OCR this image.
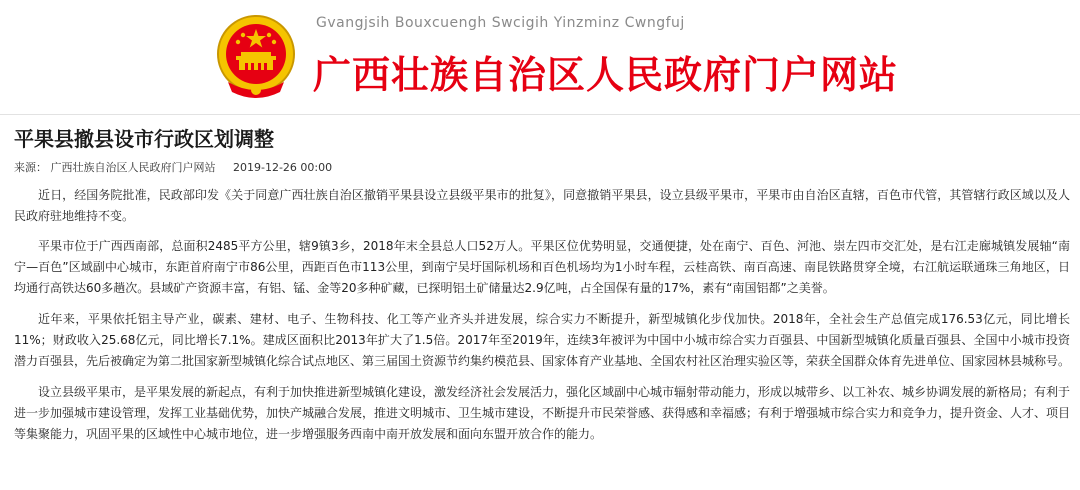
Gvangjsih Bouxcuengh Swcigih Yinzminz Cwngfuj
广西壮族自治区人民政府门户网站
平果县撤县设市行政区划调整
来源： 广西壮族自治区人民政府门户网站 2019-12-26 00:00

近日，经国务院批准，民政部印发《关于同意广西壮族自治区撤销平果县设立县级平果市的批复》，同意撤销平果县，设立县级平果市，平果市由自治区直辖，百色市代管，其管辖行政区域以及人民政府驻地维持不变。

平果市位于广西西南部，总面积2485平方公里，辖9镇3乡，2018年末全县总人口52万人。平果区位优势明显，交通便捷，处在南宁、百色、河池、崇左四市交汇处，是右江走廊城镇发展轴“南宁—百色”区域副中心城市，东距首府南宁市86公里，西距百色市113公里，到南宁吴圩国际机场和百色机场均为1小时车程，云桂高铁、南百高速、南昆铁路贯穿全境，右江航运联通珠三角地区，日均通行高铁达60多趟次。县域矿产资源丰富，有铝、锰、金等20多种矿藏，已探明铝土矿储量达2.9亿吨，占全国保有量的17%，素有“南国铝都”之美誉。

近年来，平果依托铝主导产业，碳素、建材、电子、生物科技、化工等产业齐头并进发展，综合实力不断提升，新型城镇化步伐加快。2018年，全社会生产总值完成176.53亿元，同比增长11%；财政收入25.68亿元，同比增长7.1%。建成区面积比2013年扩大了1.5倍。2017年至2019年，连续3年被评为中国中小城市综合实力百强县、中国新型城镇化质量百强县、全国中小城市投资潜力百强县，先后被确定为第二批国家新型城镇化综合试点地区、第三届国土资源节约集约模范县、国家体育产业基地、全国农村社区治理实验区等，荣获全国群众体育先进单位、国家园林县城称号。

设立县级平果市，是平果发展的新起点，有利于加快推进新型城镇化建设，激发经济社会发展活力，强化区域副中心城市辐射带动能力，形成以城带乡、以工补农、城乡协调发展的新格局；有利于进一步加强城市建设管理，发挥工业基础优势，加快产城融合发展，推进文明城市、卫生城市建设，不断提升市民荣誉感、获得感和幸福感；有利于增强城市综合实力和竞争力，提升资金、人才、项目等集聚能力，巩固平果的区域性中心城市地位，进一步增强服务西南中南开放发展和面向东盟开放合作的能力。
